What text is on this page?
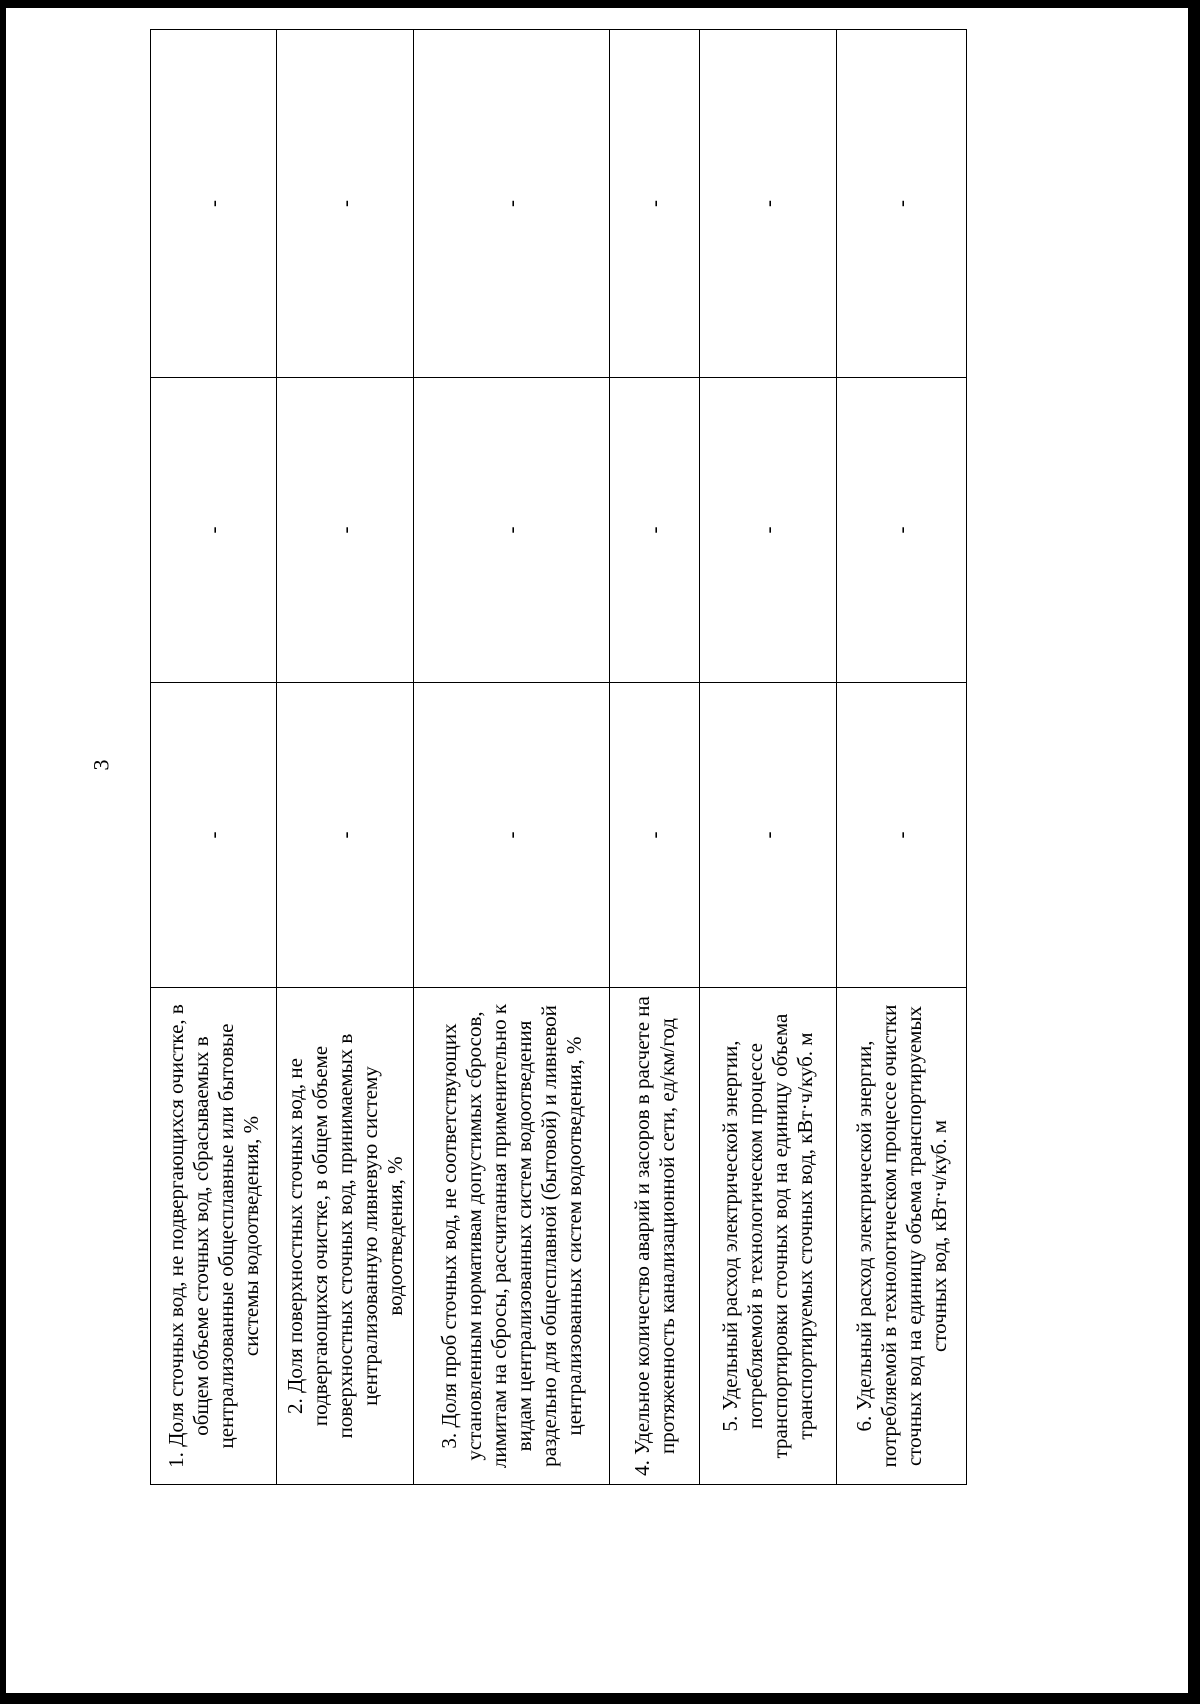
3
1. Доля сточных вод, не подвергающихся очистке, в общем объеме сточных вод, сбрасываемых в централизованные общесплавные или бытовые системы водоотведения, %	-	-	-
2. Доля поверхностных сточных вод, не подвергающихся очистке, в общем объеме поверхностных сточных вод, принимаемых в централизованную ливневую систему водоотведения, %	-	-	-
3. Доля проб сточных вод, не соответствующих установленным нормативам допустимых сбросов, лимитам на сбросы, рассчитанная применительно к видам централизованных систем водоотведения раздельно для общесплавной (бытовой) и ливневой централизованных систем водоотведения, %	-	-	-
4. Удельное количество аварий и засоров в расчете на протяженность канализационной сети, ед/км/год	-	-	-
5. Удельный расход электрической энергии, потребляемой в технологическом процессе транспортировки сточных вод на единицу объема транспортируемых сточных вод, кВт·ч/куб. м	-	-	-
6. Удельный расход электрической энергии, потребляемой в технологическом процессе очистки сточных вод на единицу объема транспортируемых сточных вод, кВт·ч/куб. м	-	-	-
